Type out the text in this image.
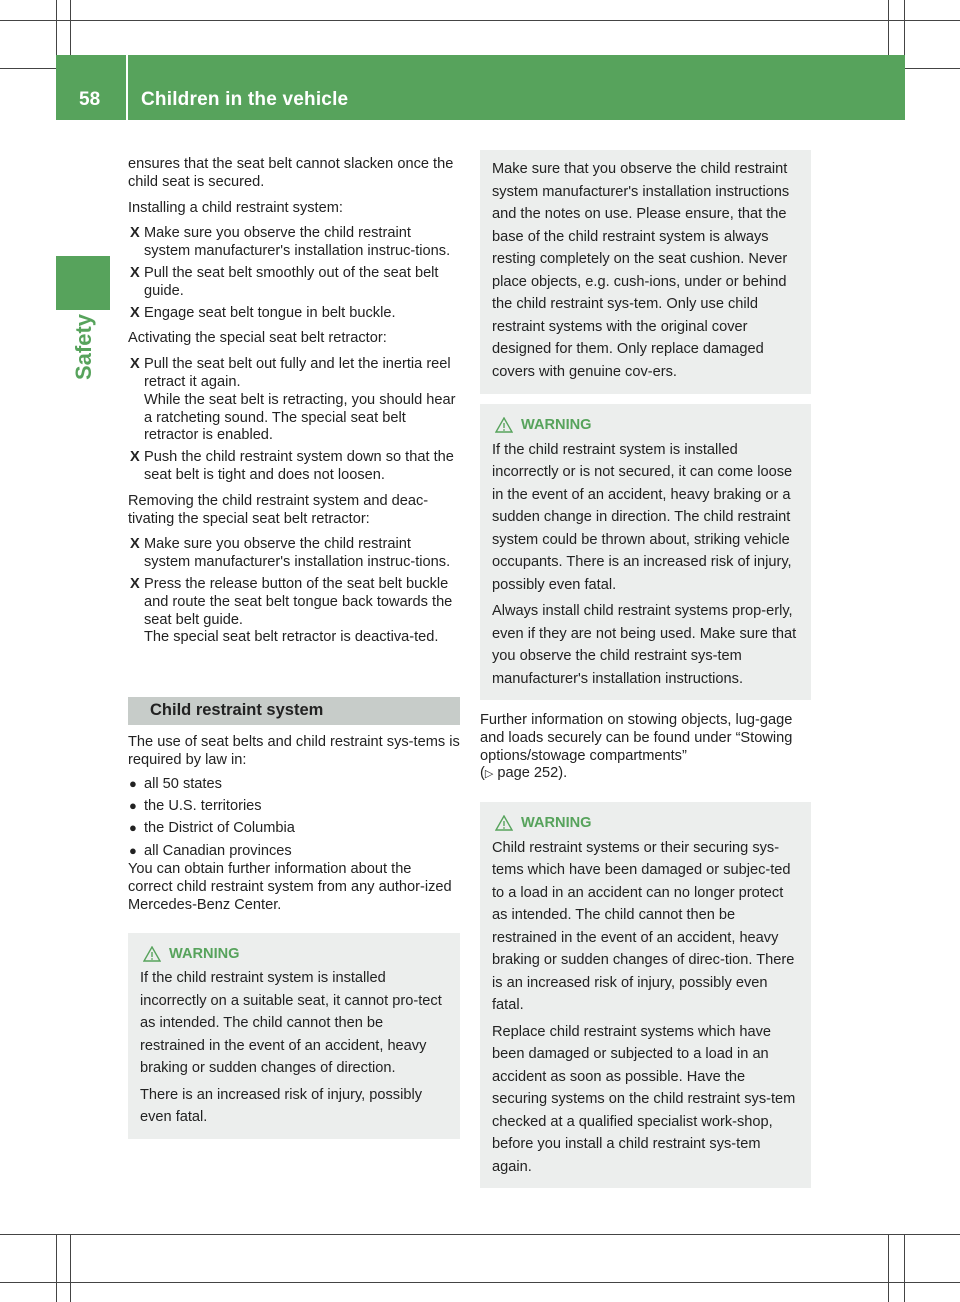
58 Children in the vehicle
Safety

ensures that the seat belt cannot slacken once the child seat is secured.

Installing a child restraint system:

X Make sure you observe the child restraint system manufacturer's installation instruc-tions.
X Pull the seat belt smoothly out of the seat belt guide.
X Engage seat belt tongue in belt buckle.

Activating the special seat belt retractor:

X Pull the seat belt out fully and let the inertia reel retract it again.
While the seat belt is retracting, you should hear a ratcheting sound. The special seat belt retractor is enabled.
X Push the child restraint system down so that the seat belt is tight and does not loosen.

Removing the child restraint system and deac-tivating the special seat belt retractor:

X Make sure you observe the child restraint system manufacturer's installation instruc-tions.
X Press the release button of the seat belt buckle and route the seat belt tongue back towards the seat belt guide.
The special seat belt retractor is deactiva-ted.
Child restraint system

The use of seat belts and child restraint sys-tems is required by law in:

● all 50 states
● the U.S. territories
● the District of Columbia
● all Canadian provinces

You can obtain further information about the correct child restraint system from any author-ized Mercedes-Benz Center.

WARNING

If the child restraint system is installed incorrectly on a suitable seat, it cannot pro-tect as intended. The child cannot then be restrained in the event of an accident, heavy braking or sudden changes of direction.

There is an increased risk of injury, possibly even fatal.

Make sure that you observe the child restraint system manufacturer's installation instructions and the notes on use. Please ensure, that the base of the child restraint system is always resting completely on the seat cushion. Never place objects, e.g. cush-ions, under or behind the child restraint sys-tem. Only use child restraint systems with the original cover designed for them. Only replace damaged covers with genuine cov-ers.

WARNING

If the child restraint system is installed incorrectly or is not secured, it can come loose in the event of an accident, heavy braking or a sudden change in direction. The child restraint system could be thrown about, striking vehicle occupants. There is an increased risk of injury, possibly even fatal.

Always install child restraint systems prop-erly, even if they are not being used. Make sure that you observe the child restraint sys-tem manufacturer's installation instructions.

Further information on stowing objects, lug-gage and loads securely can be found under “Stowing options/stowage compartments”
(▷ page 252).

WARNING

Child restraint systems or their securing sys-tems which have been damaged or subjec-ted to a load in an accident can no longer protect as intended. The child cannot then be restrained in the event of an accident, heavy braking or sudden changes of direc-tion. There is an increased risk of injury, possibly even fatal.

Replace child restraint systems which have been damaged or subjected to a load in an accident as soon as possible. Have the securing systems on the child restraint sys-tem checked at a qualified specialist work-shop, before you install a child restraint sys-tem again.
